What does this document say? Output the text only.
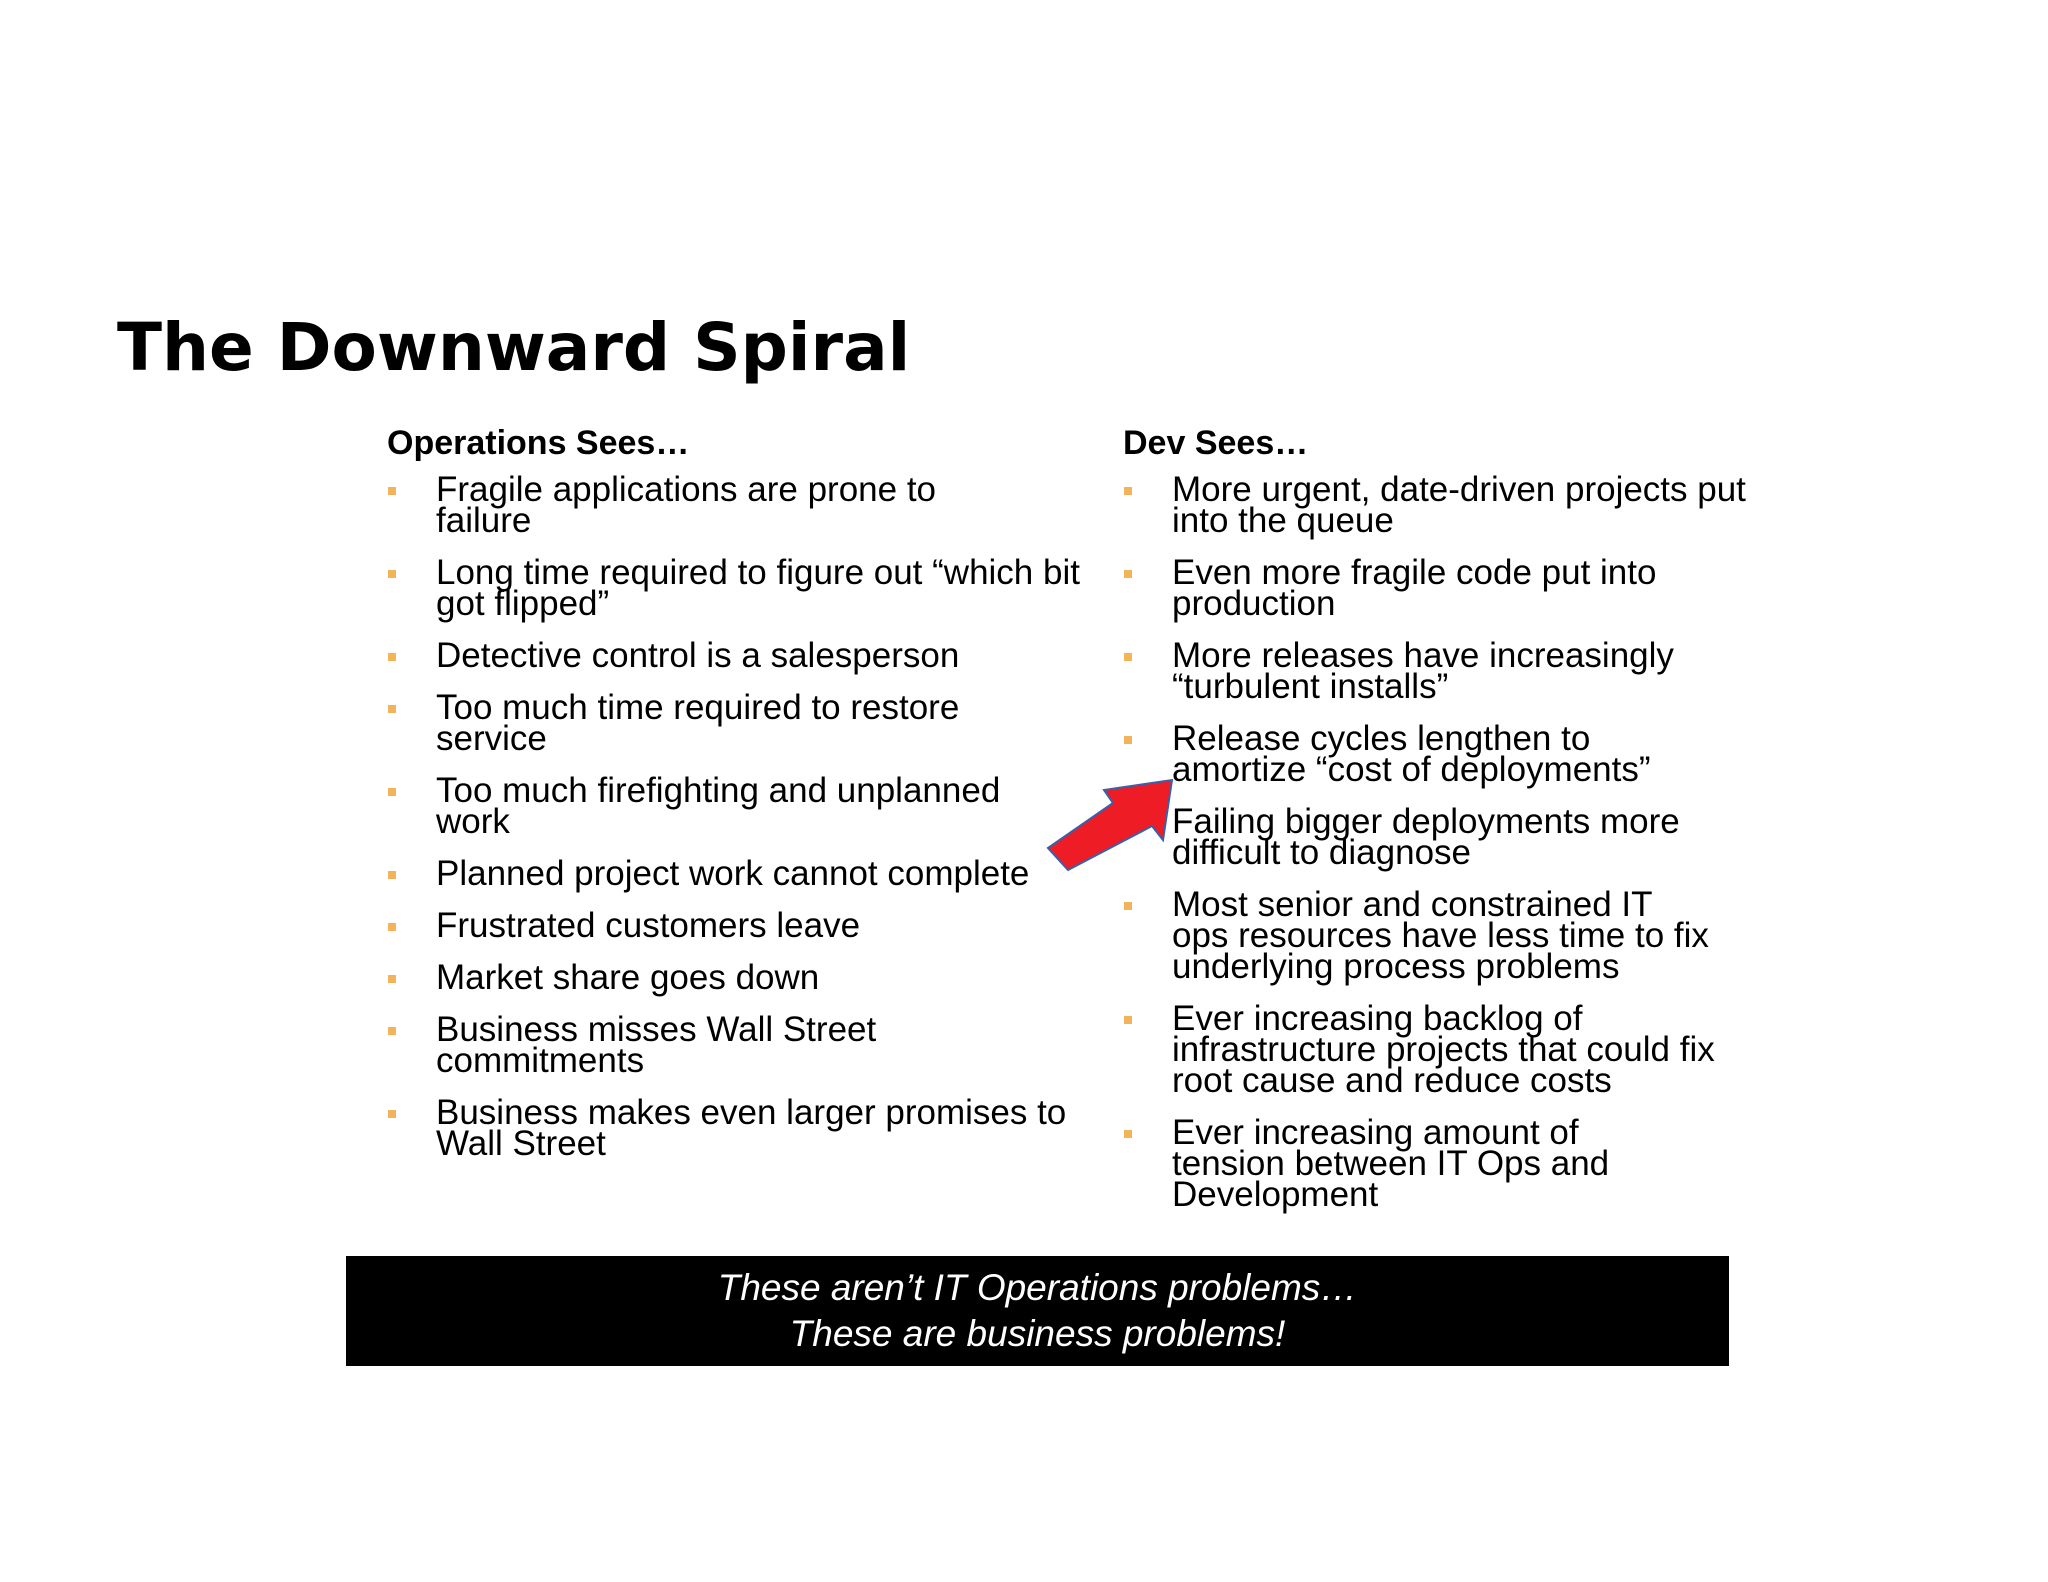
The Downward Spiral
Operations Sees…
Fragile applications are prone to failure
Long time required to figure out “which bit got flipped”
Detective control is a salesperson
Too much time required to restore service
Too much firefighting and unplanned work
Planned project work cannot complete
Frustrated customers leave
Market share goes down
Business misses Wall Street commitments
Business makes even larger promises to Wall Street
Dev Sees…
More urgent, date-driven projects put into the queue
Even more fragile code put into production
More releases have increasingly “turbulent installs”
Release cycles lengthen to amortize “cost of deployments”
Failing bigger deployments more difficult to diagnose
Most senior and constrained IT ops resources have less time to fix underlying process problems
Ever increasing backlog of infrastructure projects that could fix root cause and reduce costs
Ever increasing amount of tension between IT Ops and Development
These aren’t IT Operations problems…
These are business problems!
